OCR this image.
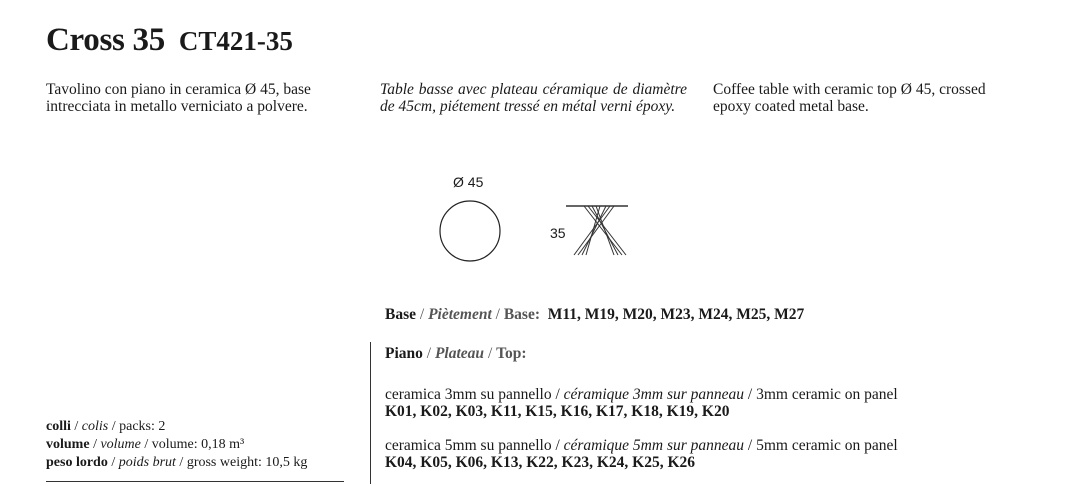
Cross 35 CT421-35
Tavolino con piano in ceramica Ø 45, base intrecciata in metallo verniciato a polvere.
Table basse avec plateau céramique de diamètre de 45cm, piétement tressé en métal verni époxy.
Coffee table with ceramic top Ø 45, crossed epoxy coated metal base.
Ø 45
35
Base / Piètement / Base: M11, M19, M20, M23, M24, M25, M27
Piano / Plateau / Top:
ceramica 3mm su pannello / céramique 3mm sur panneau / 3mm ceramic on panel
K01, K02, K03, K11, K15, K16, K17, K18, K19, K20
ceramica 5mm su pannello / céramique 5mm sur panneau / 5mm ceramic on panel
K04, K05, K06, K13, K22, K23, K24, K25, K26
colli / colis / packs: 2
volume / volume / volume: 0,18 m³
peso lordo / poids brut / gross weight: 10,5 kg
